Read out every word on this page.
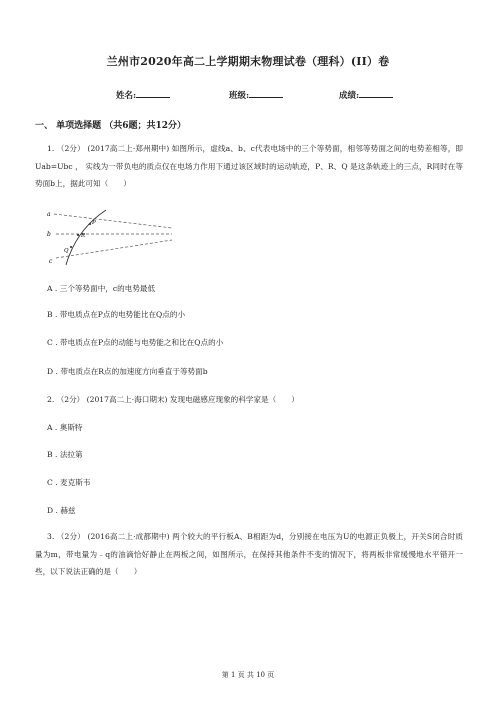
兰州市2020年高二上学期期末物理试卷（理科）(II）卷
姓名:	班级:	成绩:
一、 单项选择题 （共6题；共12分）
1. （2分） (2017高二上·郑州期中) 如图所示，虚线a、b、c代表电场中的三个等势面，相邻等势面之间的电势差相等，即 Uab=Ubc ， 实线为一带负电的质点仅在电场力作用下通过该区域时的运动轨迹，P、R、Q 是这条轨迹上的三点，R同时在等势面b上，据此可知（　　）
a
b
c
P
R
Q
A . 三个等势面中，c的电势最低
B . 带电质点在P点的电势能比在Q点的小
C . 带电质点在P点的动能与电势能之和比在Q点的小
D . 带电质点在R点的加速度方向垂直于等势面b
2. （2分） (2017高二上·海口期末) 发现电磁感应现象的科学家是（　　）
A . 奥斯特
B . 法拉第
C . 麦克斯韦
D . 赫兹
3. （2分） (2016高二上·成都期中) 两个较大的平行板A、B相距为d，分别接在电压为U的电源正负极上，开关S闭合时质量为m，带电量为﹣q的油滴恰好静止在两板之间，如图所示，在保持其他条件不变的情况下，将两板非常缓慢地水平错开一些，以下说法正确的是（　　）
第 1 页 共 10 页
